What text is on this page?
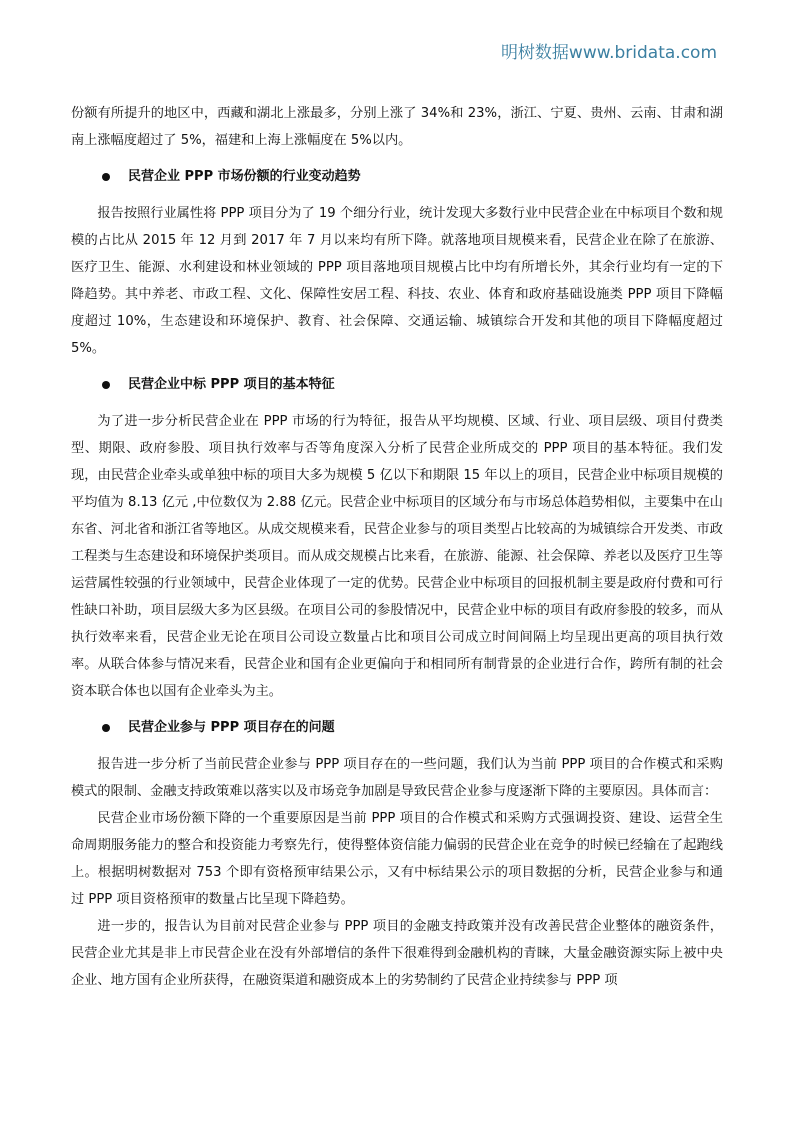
明树数据www.bridata.com

份额有所提升的地区中，西藏和湖北上涨最多，分别上涨了 34%和 23%，浙江、宁夏、贵州、云南、甘肃和湖南上涨幅度超过了 5%，福建和上海上涨幅度在 5%以内。

民营企业 PPP 市场份额的行业变动趋势

报告按照行业属性将 PPP 项目分为了 19 个细分行业，统计发现大多数行业中民营企业在中标项目个数和规模的占比从 2015 年 12 月到 2017 年 7 月以来均有所下降。就落地项目规模来看，民营企业在除了在旅游、医疗卫生、能源、水利建设和林业领域的 PPP 项目落地项目规模占比中均有所增长外，其余行业均有一定的下降趋势。其中养老、市政工程、文化、保障性安居工程、科技、农业、体育和政府基础设施类 PPP 项目下降幅度超过 10%，生态建设和环境保护、教育、社会保障、交通运输、城镇综合开发和其他的项目下降幅度超过 5%。

民营企业中标 PPP 项目的基本特征

为了进一步分析民营企业在 PPP 市场的行为特征，报告从平均规模、区域、行业、项目层级、项目付费类型、期限、政府参股、项目执行效率与否等角度深入分析了民营企业所成交的 PPP 项目的基本特征。我们发现，由民营企业牵头或单独中标的项目大多为规模 5 亿以下和期限 15 年以上的项目，民营企业中标项目规模的平均值为 8.13 亿元 ,中位数仅为 2.88 亿元。民营企业中标项目的区域分布与市场总体趋势相似，主要集中在山东省、河北省和浙江省等地区。从成交规模来看，民营企业参与的项目类型占比较高的为城镇综合开发类、市政工程类与生态建设和环境保护类项目。而从成交规模占比来看，在旅游、能源、社会保障、养老以及医疗卫生等运营属性较强的行业领域中，民营企业体现了一定的优势。民营企业中标项目的回报机制主要是政府付费和可行性缺口补助，项目层级大多为区县级。在项目公司的参股情况中，民营企业中标的项目有政府参股的较多，而从执行效率来看，民营企业无论在项目公司设立数量占比和项目公司成立时间间隔上均呈现出更高的项目执行效率。从联合体参与情况来看，民营企业和国有企业更偏向于和相同所有制背景的企业进行合作，跨所有制的社会资本联合体也以国有企业牵头为主。

民营企业参与 PPP 项目存在的问题

报告进一步分析了当前民营企业参与 PPP 项目存在的一些问题，我们认为当前 PPP 项目的合作模式和采购模式的限制、金融支持政策难以落实以及市场竞争加剧是导致民营企业参与度逐渐下降的主要原因。具体而言：

民营企业市场份额下降的一个重要原因是当前 PPP 项目的合作模式和采购方式强调投资、建设、运营全生命周期服务能力的整合和投资能力考察先行，使得整体资信能力偏弱的民营企业在竞争的时候已经输在了起跑线上。根据明树数据对 753 个即有资格预审结果公示，又有中标结果公示的项目数据的分析，民营企业参与和通过 PPP 项目资格预审的数量占比呈现下降趋势。

进一步的，报告认为目前对民营企业参与 PPP 项目的金融支持政策并没有改善民营企业整体的融资条件，民营企业尤其是非上市民营企业在没有外部增信的条件下很难得到金融机构的青睐，大量金融资源实际上被中央企业、地方国有企业所获得，在融资渠道和融资成本上的劣势制约了民营企业持续参与 PPP 项
